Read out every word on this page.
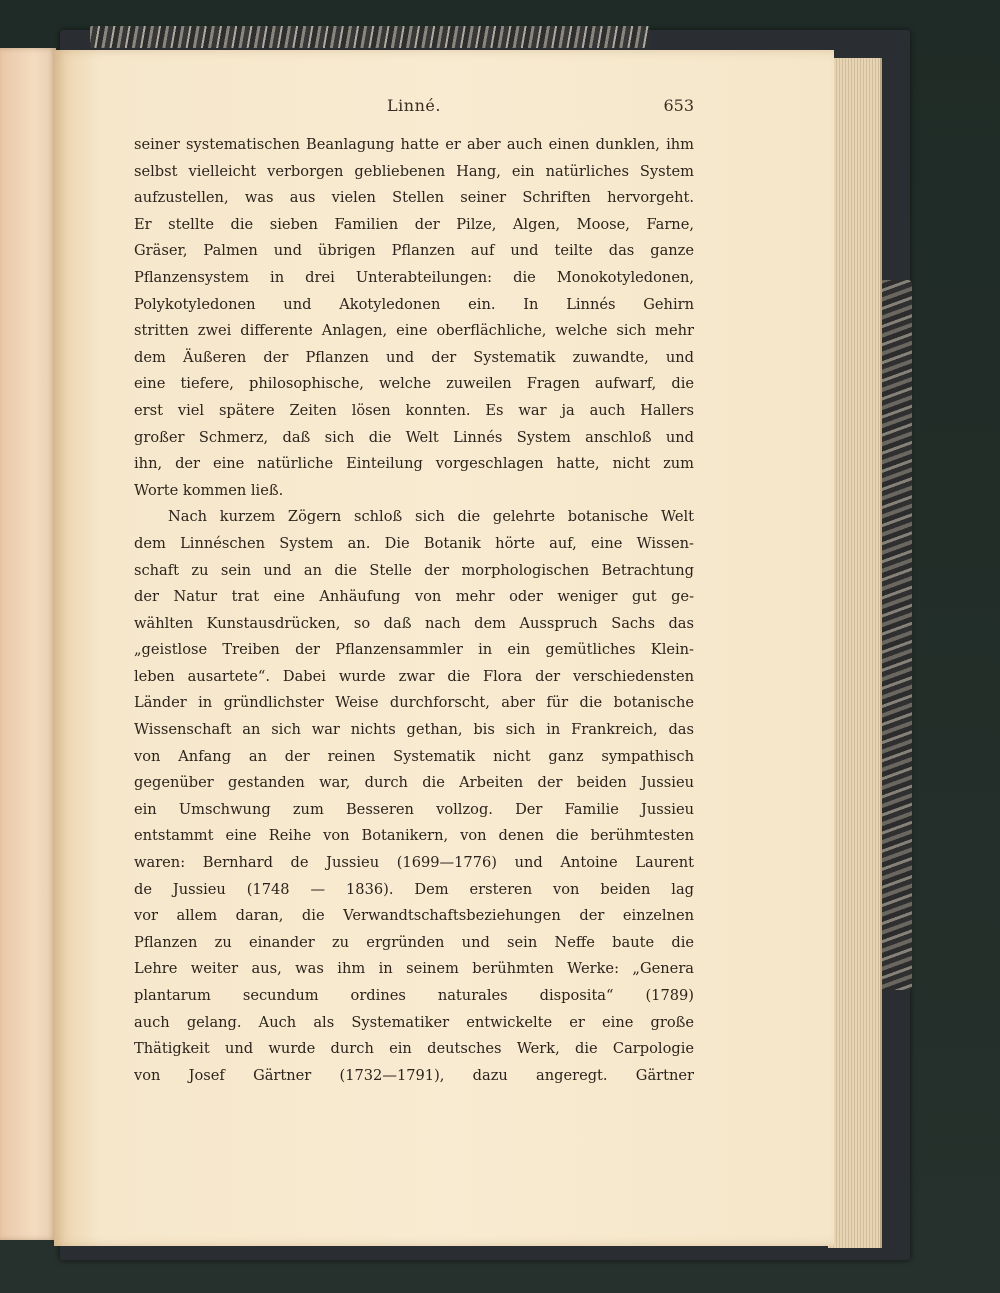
Linné.	653
seiner systematischen Beanlagung hatte er aber auch einen dunklen, ihm
selbst vielleicht verborgen gebliebenen Hang, ein natürliches System
aufzustellen, was aus vielen Stellen seiner Schriften hervorgeht.
Er stellte die sieben Familien der Pilze, Algen, Moose, Farne,
Gräser, Palmen und übrigen Pflanzen auf und teilte das ganze
Pflanzensystem in drei Unterabteilungen: die Monokotyledonen,
Polykotyledonen und Akotyledonen ein. In Linnés Gehirn
stritten zwei differente Anlagen, eine oberflächliche, welche sich mehr
dem Äußeren der Pflanzen und der Systematik zuwandte, und
eine tiefere, philosophische, welche zuweilen Fragen aufwarf, die
erst viel spätere Zeiten lösen konnten. Es war ja auch Hallers
großer Schmerz, daß sich die Welt Linnés System anschloß und
ihn, der eine natürliche Einteilung vorgeschlagen hatte, nicht zum
Worte kommen ließ.
Nach kurzem Zögern schloß sich die gelehrte botanische Welt
dem Linnéschen System an. Die Botanik hörte auf, eine Wissen-
schaft zu sein und an die Stelle der morphologischen Betrachtung
der Natur trat eine Anhäufung von mehr oder weniger gut ge-
wählten Kunstausdrücken, so daß nach dem Ausspruch Sachs das
„geistlose Treiben der Pflanzensammler in ein gemütliches Klein-
leben ausartete“. Dabei wurde zwar die Flora der verschiedensten
Länder in gründlichster Weise durchforscht, aber für die botanische
Wissenschaft an sich war nichts gethan, bis sich in Frankreich, das
von Anfang an der reinen Systematik nicht ganz sympathisch
gegenüber gestanden war, durch die Arbeiten der beiden Jussieu
ein Umschwung zum Besseren vollzog. Der Familie Jussieu
entstammt eine Reihe von Botanikern, von denen die berühmtesten
waren: Bernhard de Jussieu (1699—1776) und Antoine Laurent
de Jussieu (1748 — 1836). Dem ersteren von beiden lag
vor allem daran, die Verwandtschaftsbeziehungen der einzelnen
Pflanzen zu einander zu ergründen und sein Neffe baute die
Lehre weiter aus, was ihm in seinem berühmten Werke: „Genera
plantarum secundum ordines naturales disposita“ (1789)
auch gelang. Auch als Systematiker entwickelte er eine große
Thätigkeit und wurde durch ein deutsches Werk, die Carpologie
von Josef Gärtner (1732—1791), dazu angeregt. Gärtner
